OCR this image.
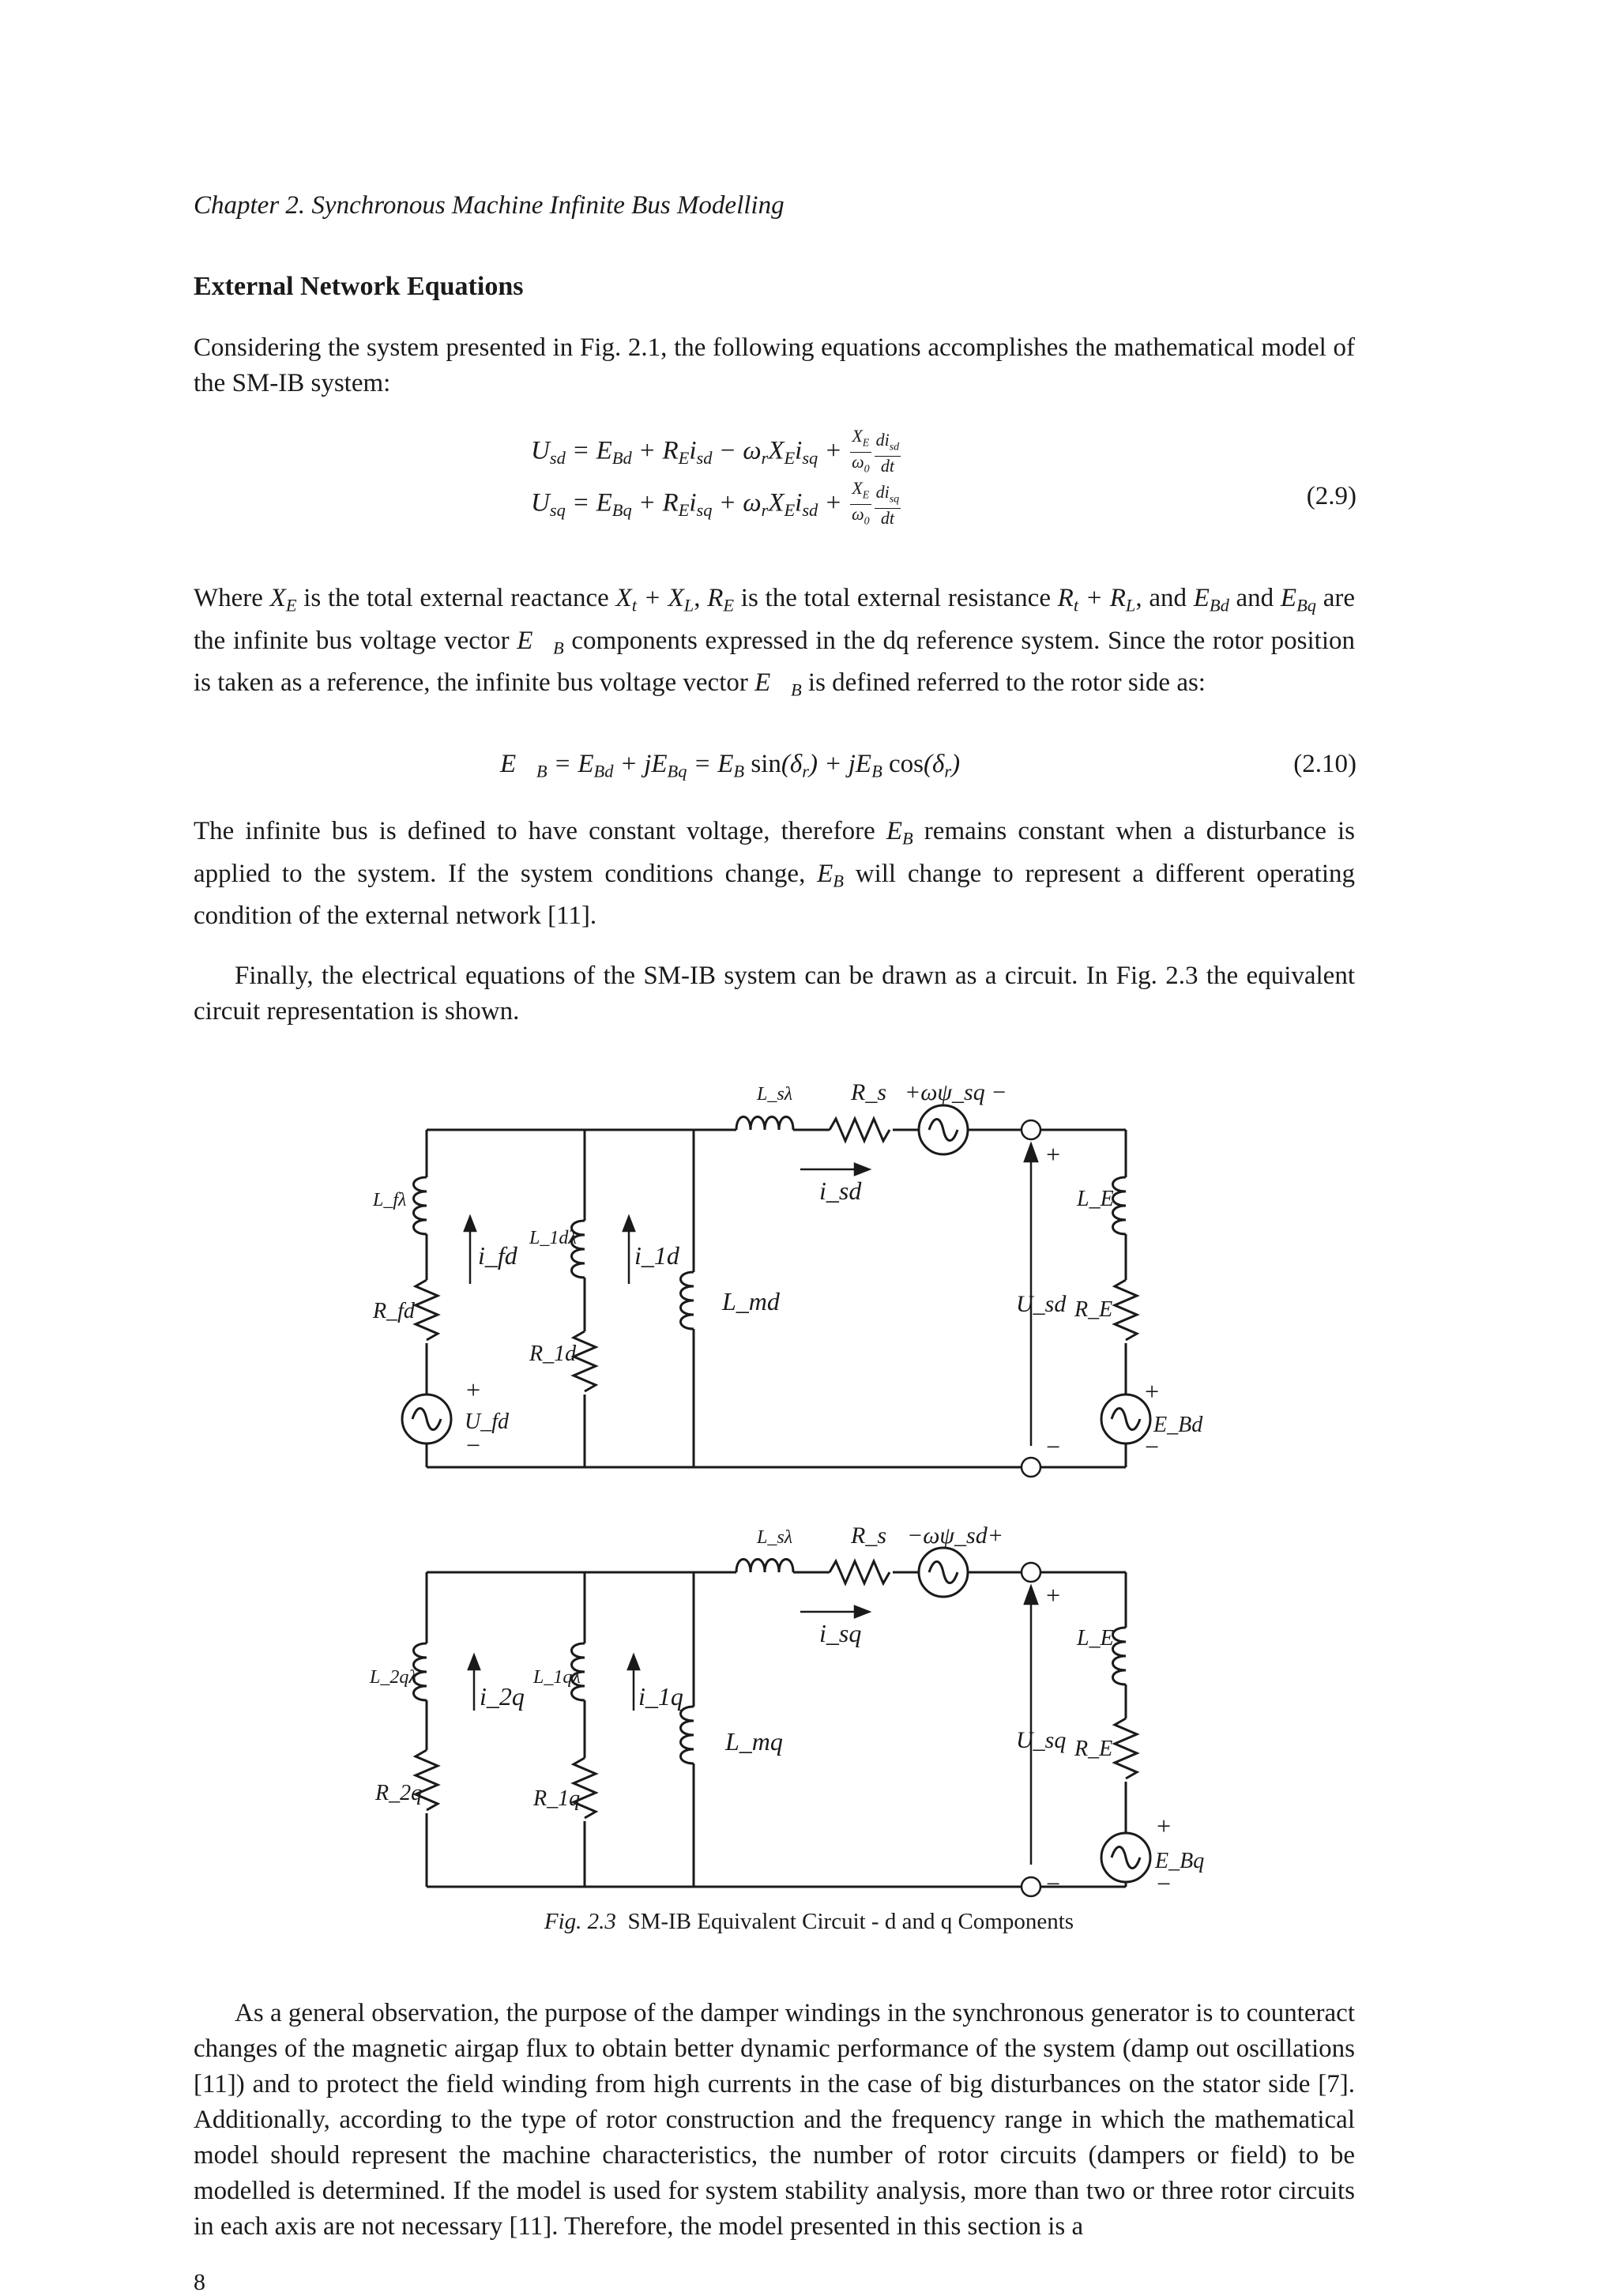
Chapter 2. Synchronous Machine Infinite Bus Modelling
External Network Equations
Considering the system presented in Fig. 2.1, the following equations accomplishes the mathematical model of the SM-IB system:
$U_{sd} = E_{Bd} + R_Ei_{sd} - \omega_rX_Ei_{sq} + \frac{X_E}{\omega_0} \frac{di_{sd}}{dt}$
$U_{sq} = E_{Bq} + R_Ei_{sq} + \omega_rX_Ei_{sd} + \frac{X_E}{\omega_0} \frac{di_{sq}}{dt}$	(2.9)
Where $X_E$ is the total external reactance $X_t + X_L$, $R_E$ is the total external resistance $R_t + R_L$, and $E_{Bd}$ and $E_{Bq}$ are the infinite bus voltage vector $E⃗_B$ components expressed in the dq reference system. Since the rotor position is taken as a reference, the infinite bus voltage vector $E⃗_B$ is defined referred to the rotor side as:
$E⃗_B = E_{Bd} + jE_{Bq} = E_B$ $\sin(\delta_r) + jE_B$ $\cos(\delta_r)$	(2.10)
The infinite bus is defined to have constant voltage, therefore $E_B$ remains constant when a disturbance is applied to the system. If the system conditions change, $E_B$ will change to represent a different operating condition of the external network [11].
Finally, the electrical equations of the SM-IB system can be drawn as a circuit. In Fig. 2.3 the equivalent circuit representation is shown.
L_sλ R_s +ωψ_sq −
i_sd
L_fλ
i_fd
L_1dλ
i_1d
L_md
R_fd
R_1d
+
U_fd
−
+
U_sd
−
L_E
R_E
+
E_Bd
−
L_sλ R_s −ωψ_sd+
i_sq
L_2qλ
i_2q
L_1qλ
i_1q
L_mq
R_2q	R_1q
+
U_sq
−
L_E
R_E
+
E_Bq
−
Fig. 2.3 SM-IB Equivalent Circuit - d and q Components
As a general observation, the purpose of the damper windings in the synchronous generator is to counteract changes of the magnetic airgap flux to obtain better dynamic performance of the system (damp out oscillations [11]) and to protect the field winding from high currents in the case of big disturbances on the stator side [7]. Additionally, according to the type of rotor construction and the frequency range in which the mathematical model should represent the machine characteristics, the number of rotor circuits (dampers or field) to be modelled is determined. If the model is used for system stability analysis, more than two or three rotor circuits in each axis are not necessary [11]. Therefore, the model presented in this section is a
8
